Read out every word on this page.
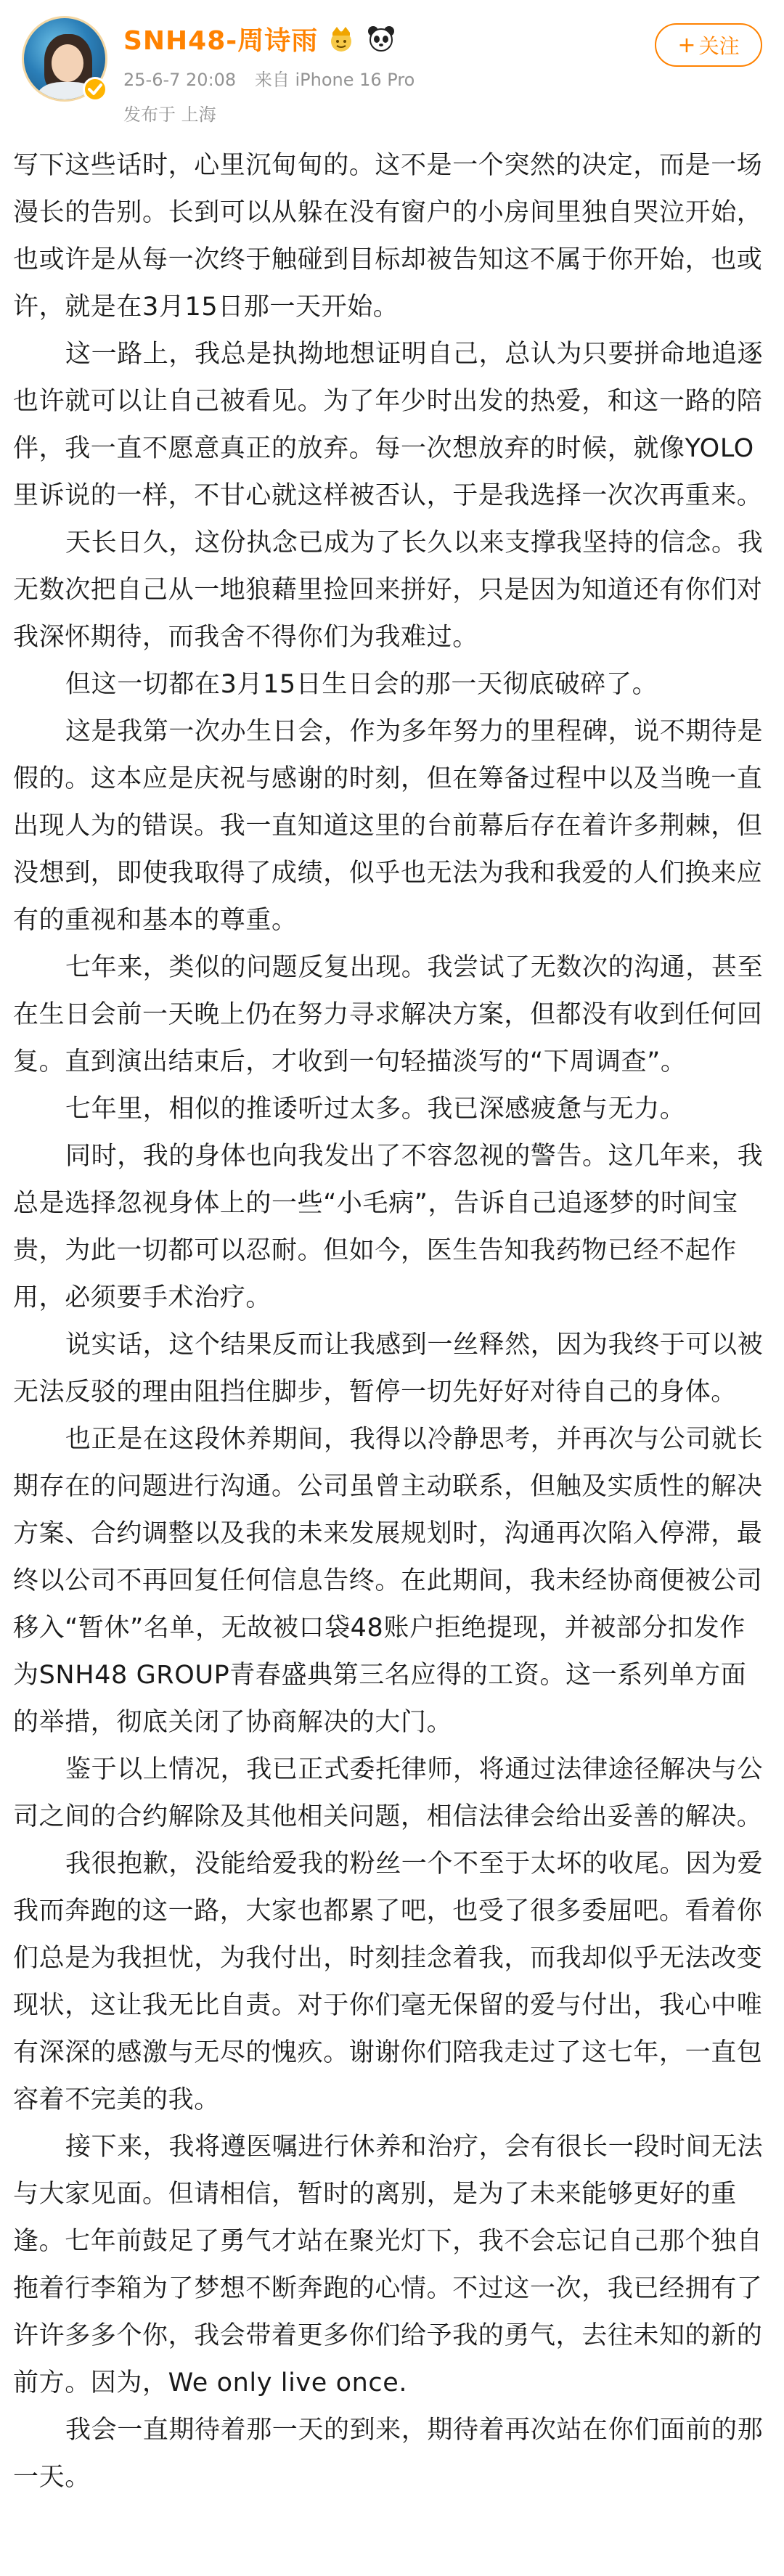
SNH48-周诗雨
25-6-7 20:08 来自 iPhone 16 Pro
发布于 上海
+ 关注

写下这些话时，心里沉甸甸的。这不是一个突然的决定，而是一场漫长的告别。长到可以从躲在没有窗户的小房间里独自哭泣开始，也或许是从每一次终于触碰到目标却被告知这不属于你开始，也或许，就是在3月15日那一天开始。

这一路上，我总是执拗地想证明自己，总认为只要拼命地追逐也许就可以让自己被看见。为了年少时出发的热爱，和这一路的陪伴，我一直不愿意真正的放弃。每一次想放弃的时候，就像YOLO里诉说的一样，不甘心就这样被否认，于是我选择一次次再重来。

天长日久，这份执念已成为了长久以来支撑我坚持的信念。我无数次把自己从一地狼藉里捡回来拼好，只是因为知道还有你们对我深怀期待，而我舍不得你们为我难过。

但这一切都在3月15日生日会的那一天彻底破碎了。

这是我第一次办生日会，作为多年努力的里程碑，说不期待是假的。这本应是庆祝与感谢的时刻，但在筹备过程中以及当晚一直出现人为的错误。我一直知道这里的台前幕后存在着许多荆棘，但没想到，即使我取得了成绩，似乎也无法为我和我爱的人们换来应有的重视和基本的尊重。

七年来，类似的问题反复出现。我尝试了无数次的沟通，甚至在生日会前一天晚上仍在努力寻求解决方案，但都没有收到任何回复。直到演出结束后，才收到一句轻描淡写的“下周调查”。

七年里，相似的推诿听过太多。我已深感疲惫与无力。

同时，我的身体也向我发出了不容忽视的警告。这几年来，我总是选择忽视身体上的一些“小毛病”，告诉自己追逐梦的时间宝贵，为此一切都可以忍耐。但如今，医生告知我药物已经不起作用，必须要手术治疗。

说实话，这个结果反而让我感到一丝释然，因为我终于可以被无法反驳的理由阻挡住脚步，暂停一切先好好对待自己的身体。

也正是在这段休养期间，我得以冷静思考，并再次与公司就长期存在的问题进行沟通。公司虽曾主动联系，但触及实质性的解决方案、合约调整以及我的未来发展规划时，沟通再次陷入停滞，最终以公司不再回复任何信息告终。在此期间，我未经协商便被公司移入“暂休”名单，无故被口袋48账户拒绝提现，并被部分扣发作为SNH48 GROUP青春盛典第三名应得的工资。这一系列单方面的举措，彻底关闭了协商解决的大门。

鉴于以上情况，我已正式委托律师，将通过法律途径解决与公司之间的合约解除及其他相关问题，相信法律会给出妥善的解决。

我很抱歉，没能给爱我的粉丝一个不至于太坏的收尾。因为爱我而奔跑的这一路，大家也都累了吧，也受了很多委屈吧。看着你们总是为我担忧，为我付出，时刻挂念着我，而我却似乎无法改变现状，这让我无比自责。对于你们毫无保留的爱与付出，我心中唯有深深的感激与无尽的愧疚。谢谢你们陪我走过了这七年，一直包容着不完美的我。

接下来，我将遵医嘱进行休养和治疗，会有很长一段时间无法与大家见面。但请相信，暂时的离别，是为了未来能够更好的重逢。七年前鼓足了勇气才站在聚光灯下，我不会忘记自己那个独自拖着行李箱为了梦想不断奔跑的心情。不过这一次，我已经拥有了许许多多个你，我会带着更多你们给予我的勇气，去往未知的新的前方。因为，We only live once.

我会一直期待着那一天的到来，期待着再次站在你们面前的那一天。
